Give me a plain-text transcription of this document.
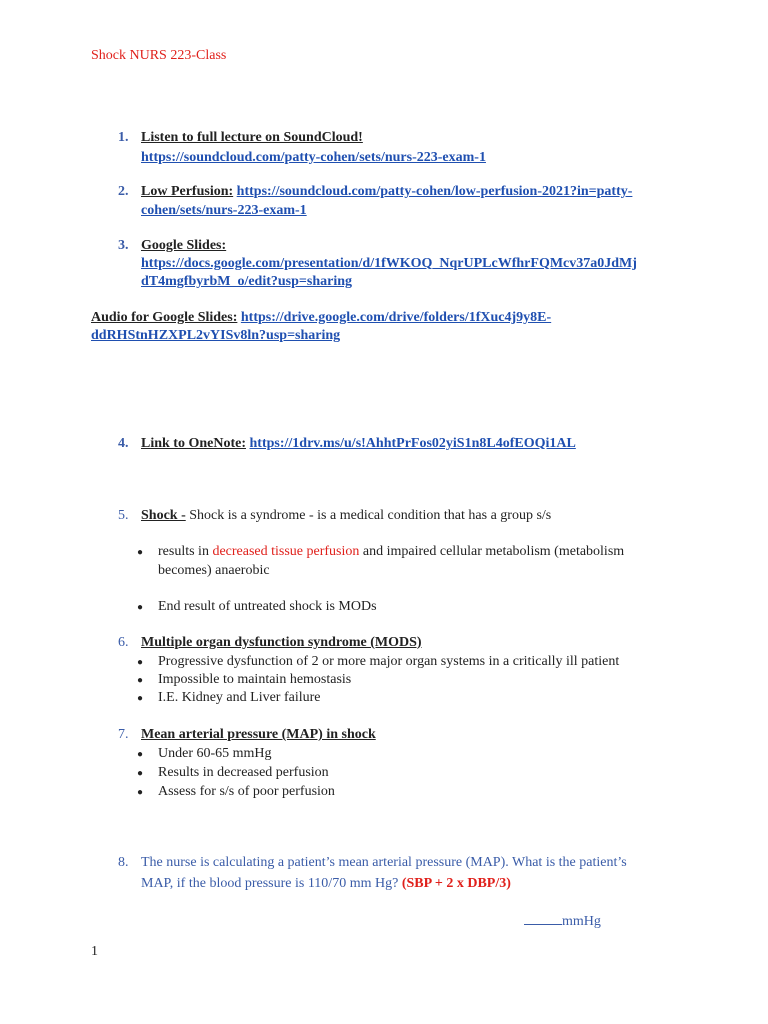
Shock NURS 223-Class
1. Listen to full lecture on SoundCloud!
https://soundcloud.com/patty-cohen/sets/nurs-223-exam-1
2. Low Perfusion: https://soundcloud.com/patty-cohen/low-perfusion-2021?in=patty-
cohen/sets/nurs-223-exam-1
3. Google Slides:
https://docs.google.com/presentation/d/1fWKOQ_NqrUPLcWfhrFQMcv37a0JdMj
dT4mgfbyrbM_o/edit?usp=sharing
Audio for Google Slides: https://drive.google.com/drive/folders/1fXuc4j9y8E-
ddRHStnHZXPL2vYISv8ln?usp=sharing
4. Link to OneNote: https://1drv.ms/u/s!AhhtPrFos02yiS1n8L4ofEOQi1AL
5. Shock - Shock is a syndrome - is a medical condition that has a group s/s
● results in decreased tissue perfusion and impaired cellular metabolism (metabolism
becomes) anaerobic
● End result of untreated shock is MODs
6. Multiple organ dysfunction syndrome (MODS)
● Progressive dysfunction of 2 or more major organ systems in a critically ill patient
● Impossible to maintain hemostasis
● I.E. Kidney and Liver failure
7. Mean arterial pressure (MAP) in shock
● Under 60-65 mmHg
● Results in decreased perfusion
● Assess for s/s of poor perfusion
8. The nurse is calculating a patient’s mean arterial pressure (MAP). What is the patient’s
MAP, if the blood pressure is 110/70 mm Hg? (SBP + 2 x DBP/3)
mmHg
1
